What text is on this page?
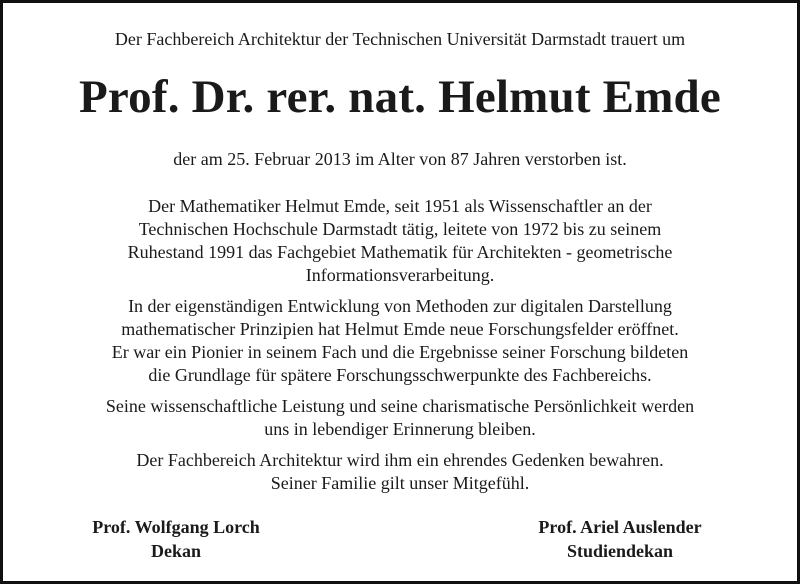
Der Fachbereich Architektur der Technischen Universität Darmstadt trauert um
Prof. Dr. rer. nat. Helmut Emde
der am 25. Februar 2013 im Alter von 87 Jahren verstorben ist.

Der Mathematiker Helmut Emde, seit 1951 als Wissenschaftler an der
Technischen Hochschule Darmstadt tätig, leitete von 1972 bis zu seinem
Ruhestand 1991 das Fachgebiet Mathematik für Architekten - geometrische
Informationsverarbeitung.

In der eigenständigen Entwicklung von Methoden zur digitalen Darstellung
mathematischer Prinzipien hat Helmut Emde neue Forschungsfelder eröffnet.
Er war ein Pionier in seinem Fach und die Ergebnisse seiner Forschung bildeten
die Grundlage für spätere Forschungsschwerpunkte des Fachbereichs.

Seine wissenschaftliche Leistung und seine charismatische Persönlichkeit werden
uns in lebendiger Erinnerung bleiben.

Der Fachbereich Architektur wird ihm ein ehrendes Gedenken bewahren.
Seiner Familie gilt unser Mitgefühl.

Prof. Wolfgang Lorch
Dekan
Prof. Ariel Auslender
Studiendekan
